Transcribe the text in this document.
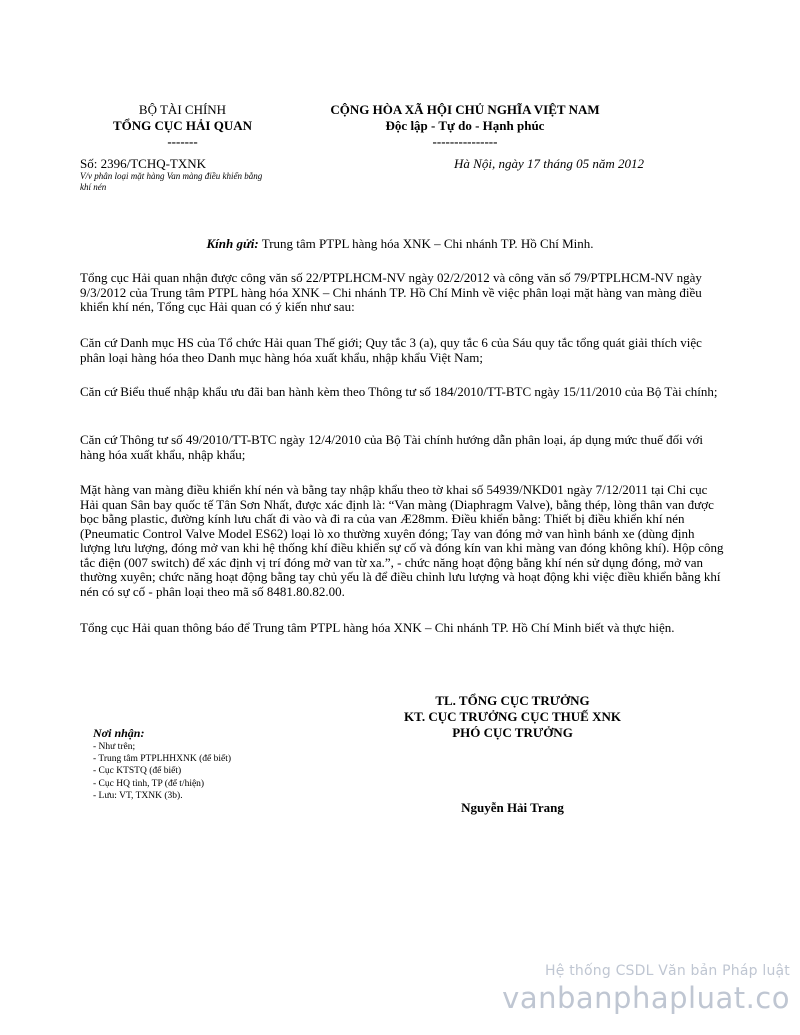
BỘ TÀI CHÍNH
TỔNG CỤC HẢI QUAN
-------
CỘNG HÒA XÃ HỘI CHỦ NGHĨA VIỆT NAM
Độc lập - Tự do - Hạnh phúc
---------------
Số: 2396/TCHQ-TXNK
V/v phân loại mặt hàng Van màng điều khiển bằng khí nén
Hà Nội, ngày 17 tháng 05 năm 2012
Kính gửi: Trung tâm PTPL hàng hóa XNK – Chi nhánh TP. Hồ Chí Minh.
Tổng cục Hải quan nhận được công văn số 22/PTPLHCM-NV ngày 02/2/2012 và công văn số 79/PTPLHCM-NV ngày 9/3/2012 của Trung tâm PTPL hàng hóa XNK – Chi nhánh TP. Hồ Chí Minh về việc phân loại mặt hàng van màng điều khiển khí nén, Tổng cục Hải quan có ý kiến như sau:
Căn cứ Danh mục HS của Tổ chức Hải quan Thế giới; Quy tắc 3 (a), quy tắc 6 của Sáu quy tắc tổng quát giải thích việc phân loại hàng hóa theo Danh mục hàng hóa xuất khẩu, nhập khẩu Việt Nam;
Căn cứ Biểu thuế nhập khẩu ưu đãi ban hành kèm theo Thông tư số 184/2010/TT-BTC ngày 15/11/2010 của Bộ Tài chính;
Căn cứ Thông tư số 49/2010/TT-BTC ngày 12/4/2010 của Bộ Tài chính hướng dẫn phân loại, áp dụng mức thuế đối với hàng hóa xuất khẩu, nhập khẩu;
Mặt hàng van màng điều khiển khí nén và bằng tay nhập khẩu theo tờ khai số 54939/NKD01 ngày 7/12/2011 tại Chi cục Hải quan Sân bay quốc tế Tân Sơn Nhất, được xác định là: “Van màng (Diaphragm Valve), bằng thép, lòng thân van được bọc bằng plastic, đường kính lưu chất đi vào và đi ra của van Æ28mm. Điều khiển bằng: Thiết bị điều khiển khí nén (Pneumatic Control Valve Model ES62) loại lò xo thường xuyên đóng; Tay van đóng mở van hình bánh xe (dùng định lượng lưu lượng, đóng mở van khi hệ thống khí điều khiển sự cố và đóng kín van khi màng van đóng không khí). Hộp công tắc điện (007 switch) để xác định vị trí đóng mở van từ xa.”, - chức năng hoạt động bằng khí nén sử dụng đóng, mở van thường xuyên; chức năng hoạt động bằng tay chủ yếu là để điều chỉnh lưu lượng và hoạt động khi việc điều khiển bằng khí nén có sự cố - phân loại theo mã số 8481.80.82.00.
Tổng cục Hải quan thông báo để Trung tâm PTPL hàng hóa XNK – Chi nhánh TP. Hồ Chí Minh biết và thực hiện.
TL. TỔNG CỤC TRƯỞNG
KT. CỤC TRƯỞNG CỤC THUẾ XNK
PHÓ CỤC TRƯỞNG
Nguyễn Hải Trang
Nơi nhận:
- Như trên;
- Trung tâm PTPLHHXNK (để biết)
- Cục KTSTQ (để biết)
- Cục HQ tỉnh, TP (để t/hiện)
- Lưu: VT, TXNK (3b).
Hệ thống CSDL Văn bản Pháp luật
vanbanphapluat.co
